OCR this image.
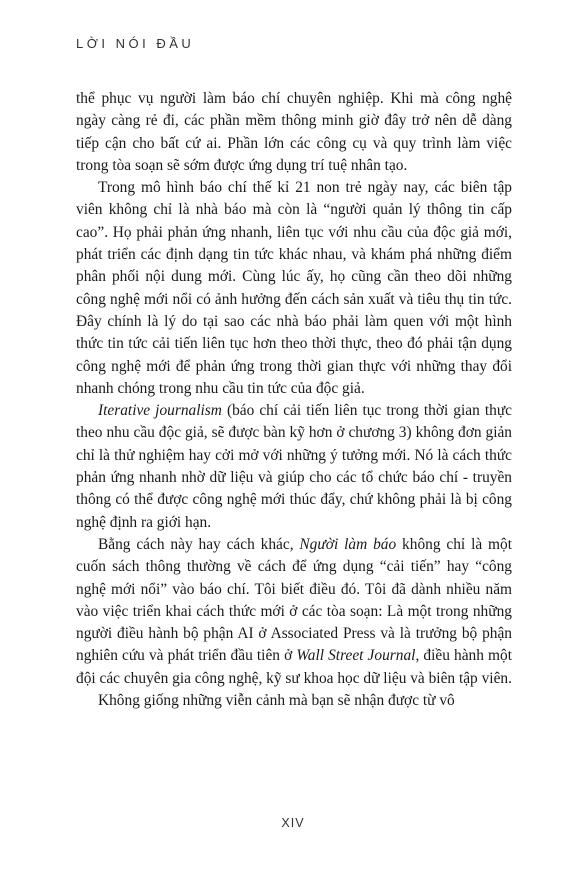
LỜI NÓI ĐẦU

thể phục vụ người làm báo chí chuyên nghiệp. Khi mà công nghệ ngày càng rẻ đi, các phần mềm thông minh giờ đây trở nên dễ dàng tiếp cận cho bất cứ ai. Phần lớn các công cụ và quy trình làm việc trong tòa soạn sẽ sớm được ứng dụng trí tuệ nhân tạo.

Trong mô hình báo chí thế kỉ 21 non trẻ ngày nay, các biên tập viên không chỉ là nhà báo mà còn là “người quản lý thông tin cấp cao”. Họ phải phản ứng nhanh, liên tục với nhu cầu của độc giả mới, phát triển các định dạng tin tức khác nhau, và khám phá những điểm phân phối nội dung mới. Cùng lúc ấy, họ cũng cần theo dõi những công nghệ mới nổi có ảnh hưởng đến cách sản xuất và tiêu thụ tin tức. Đây chính là lý do tại sao các nhà báo phải làm quen với một hình thức tin tức cải tiến liên tục hơn theo thời thực, theo đó phải tận dụng công nghệ mới để phản ứng trong thời gian thực với những thay đổi nhanh chóng trong nhu cầu tin tức của độc giả.

Iterative journalism (báo chí cải tiến liên tục trong thời gian thực theo nhu cầu độc giả, sẽ được bàn kỹ hơn ở chương 3) không đơn giản chỉ là thử nghiệm hay cởi mở với những ý tưởng mới. Nó là cách thức phản ứng nhanh nhờ dữ liệu và giúp cho các tổ chức báo chí - truyền thông có thể được công nghệ mới thúc đẩy, chứ không phải là bị công nghệ định ra giới hạn.

Bằng cách này hay cách khác, Người làm báo không chỉ là một cuốn sách thông thường về cách để ứng dụng “cải tiến” hay “công nghệ mới nổi” vào báo chí. Tôi biết điều đó. Tôi đã dành nhiều năm vào việc triển khai cách thức mới ở các tòa soạn: Là một trong những người điều hành bộ phận AI ở Associated Press và là trưởng bộ phận nghiên cứu và phát triển đầu tiên ở Wall Street Journal, điều hành một đội các chuyên gia công nghệ, kỹ sư khoa học dữ liệu và biên tập viên.

Không giống những viễn cảnh mà bạn sẽ nhận được từ vô

XIV
